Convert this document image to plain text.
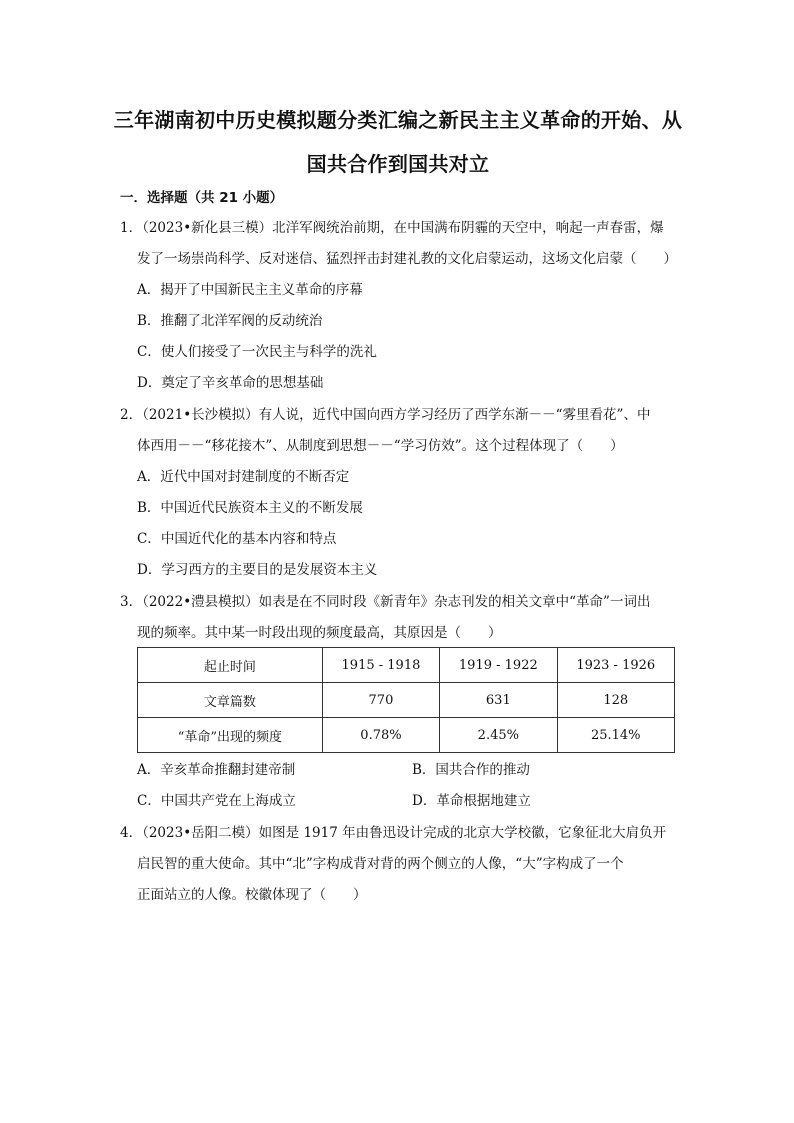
三年湖南初中历史模拟题分类汇编之新民主主义革命的开始、从
国共合作到国共对立
一．选择题（共 21 小题）
1．（2023•新化县三模）北洋军阀统治前期，在中国满布阴霾的天空中，响起一声春雷，爆
发了一场崇尚科学、反对迷信、猛烈抨击封建礼教的文化启蒙运动，这场文化启蒙（　　）
A．揭开了中国新民主主义革命的序幕
B．推翻了北洋军阀的反动统治
C．使人们接受了一次民主与科学的洗礼
D．奠定了辛亥革命的思想基础
2．（2021•长沙模拟）有人说，近代中国向西方学习经历了西学东渐－－“雾里看花”、中
体西用－－“移花接木”、从制度到思想－－“学习仿效”。这个过程体现了（　　）
A．近代中国对封建制度的不断否定
B．中国近代民族资本主义的不断发展
C．中国近代化的基本内容和特点
D．学习西方的主要目的是发展资本主义
3．（2022•澧县模拟）如表是在不同时段《新青年》杂志刊发的相关文章中“革命”一词出
现的频率。其中某一时段出现的频度最高，其原因是（　　）
起止时间	1915 - 1918	1919 - 1922	1923 - 1926
文章篇数	770	631	128
“革命”出现的频度	0.78%	2.45%	25.14%
A．辛亥革命推翻封建帝制	B．国共合作的推动
C．中国共产党在上海成立	D．革命根据地建立
4．（2023•岳阳二模）如图是 1917 年由鲁迅设计完成的北京大学校徽，它象征北大肩负开
启民智的重大使命。其中“北”字构成背对背的两个侧立的人像，“大”字构成了一个
正面站立的人像。校徽体现了（　　）
